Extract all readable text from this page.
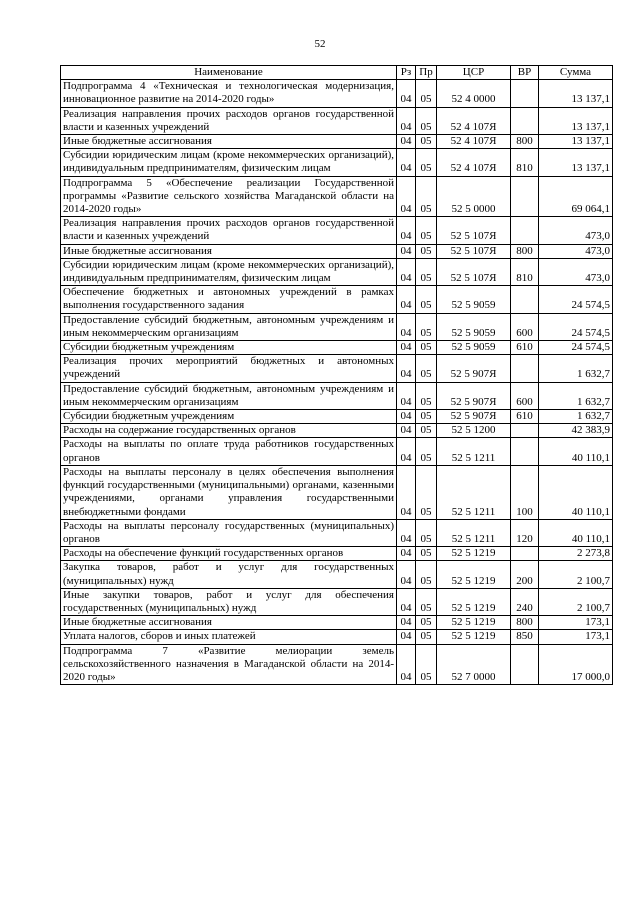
52
Наименование	Рз	Пр	ЦСР	ВР	Сумма
Подпрограмма 4 «Техническая и технологическая модернизация, инновационное развитие на 2014-2020 годы»	04	05	52 4 0000		13 137,1
Реализация направления прочих расходов органов государственной власти и казенных учреждений	04	05	52 4 107Я		13 137,1
Иные бюджетные ассигнования	04	05	52 4 107Я	800	13 137,1
Субсидии юридическим лицам (кроме некоммерческих организаций), индивидуальным предпринимателям, физическим лицам	04	05	52 4 107Я	810	13 137,1
Подпрограмма 5 «Обеспечение реализации Государственной программы «Развитие сельского хозяйства Магаданской области на 2014-2020 годы»	04	05	52 5 0000		69 064,1
Реализация направления прочих расходов органов государственной власти и казенных учреждений	04	05	52 5 107Я		473,0
Иные бюджетные ассигнования	04	05	52 5 107Я	800	473,0
Субсидии юридическим лицам (кроме некоммерческих организаций), индивидуальным предпринимателям, физическим лицам	04	05	52 5 107Я	810	473,0
Обеспечение бюджетных и автономных учреждений в рамках выполнения государственного задания	04	05	52 5 9059		24 574,5
Предоставление субсидий бюджетным, автономным учреждениям и иным некоммерческим организациям	04	05	52 5 9059	600	24 574,5
Субсидии бюджетным учреждениям	04	05	52 5 9059	610	24 574,5
Реализация прочих мероприятий бюджетных и автономных учреждений	04	05	52 5 907Я		1 632,7
Предоставление субсидий бюджетным, автономным учреждениям и иным некоммерческим организациям	04	05	52 5 907Я	600	1 632,7
Субсидии бюджетным учреждениям	04	05	52 5 907Я	610	1 632,7
Расходы на содержание государственных органов	04	05	52 5 1200		42 383,9
Расходы на выплаты по оплате труда работников государственных органов	04	05	52 5 1211		40 110,1
Расходы на выплаты персоналу в целях обеспечения выполнения функций государственными (муниципальными) органами, казенными учреждениями, органами управления государственными внебюджетными фондами	04	05	52 5 1211	100	40 110,1
Расходы на выплаты персоналу государственных (муниципальных) органов	04	05	52 5 1211	120	40 110,1
Расходы на обеспечение функций государственных органов	04	05	52 5 1219		2 273,8
Закупка товаров, работ и услуг для государственных (муниципальных) нужд	04	05	52 5 1219	200	2 100,7
Иные закупки товаров, работ и услуг для обеспечения государственных (муниципальных) нужд	04	05	52 5 1219	240	2 100,7
Иные бюджетные ассигнования	04	05	52 5 1219	800	173,1
Уплата налогов, сборов и иных платежей	04	05	52 5 1219	850	173,1
Подпрограмма 7 «Развитие мелиорации земель сельскохозяйственного назначения в Магаданской области на 2014-2020 годы»	04	05	52 7 0000		17 000,0
